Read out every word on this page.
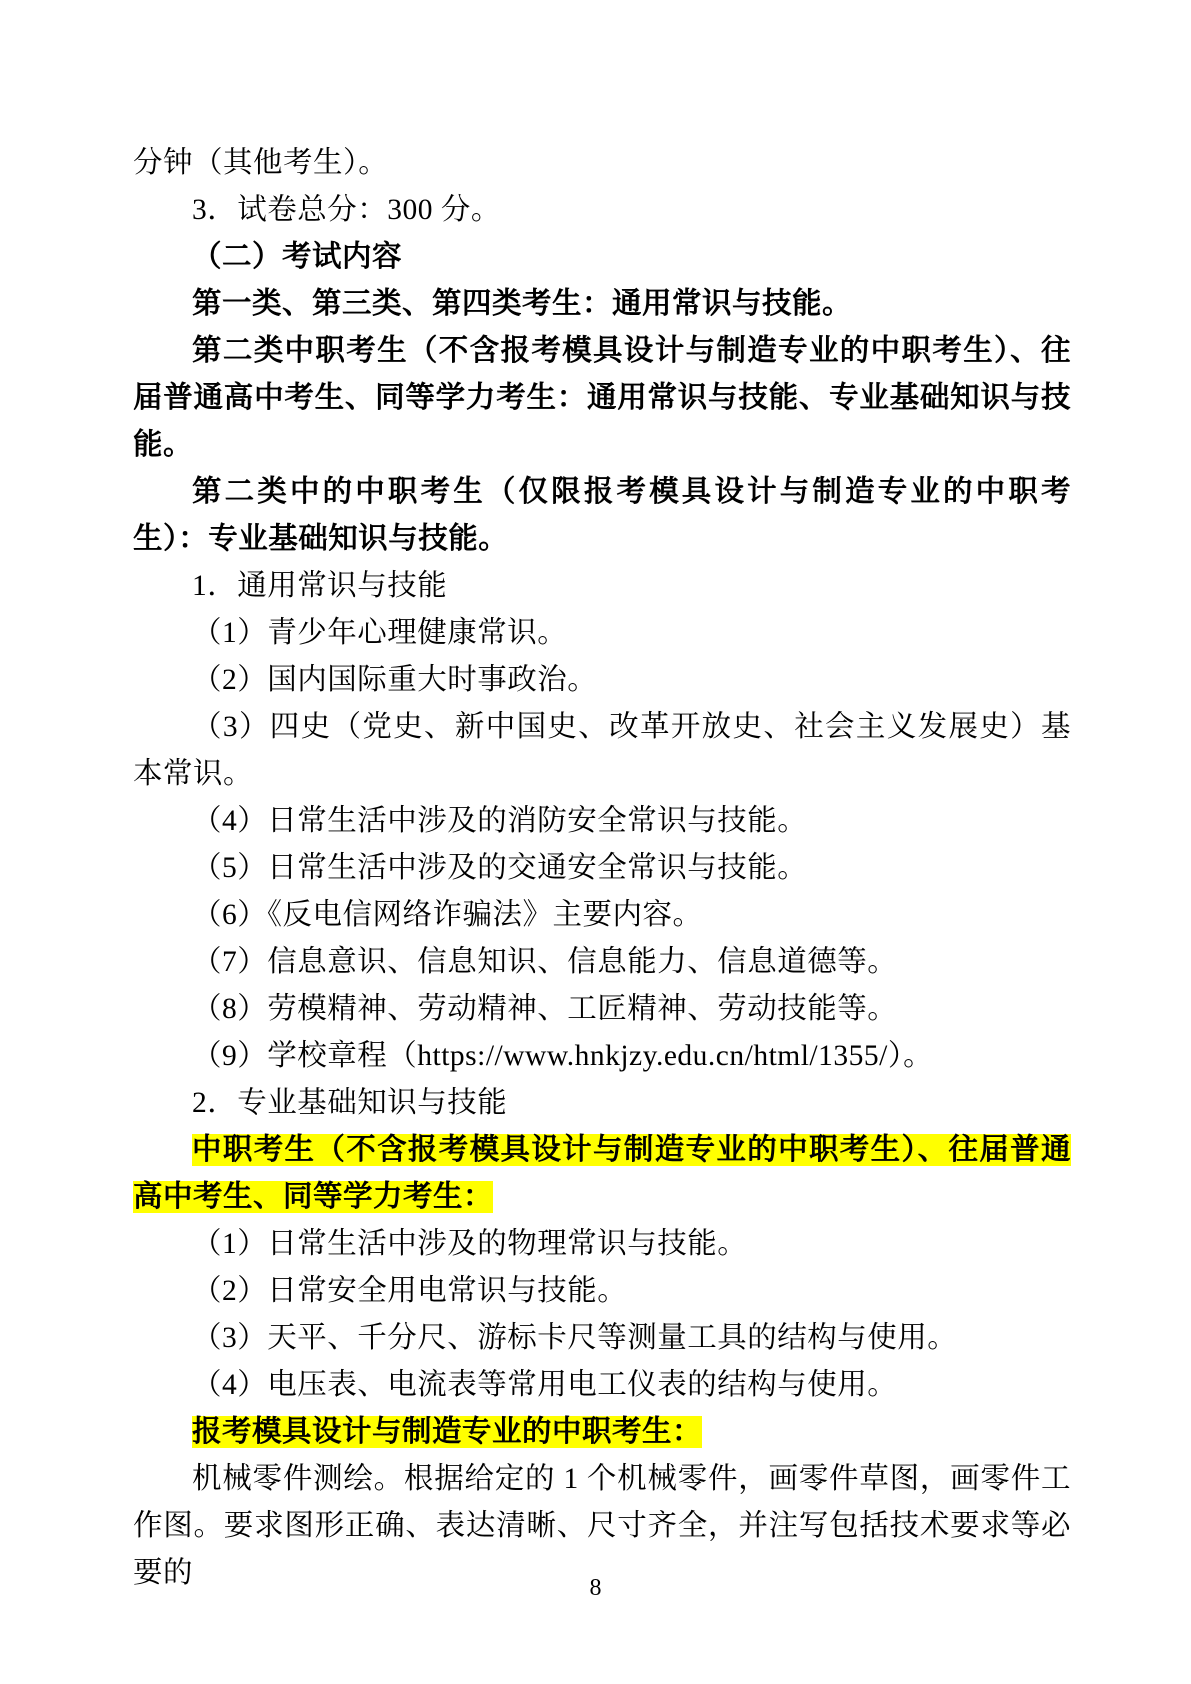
分钟（其他考生）。

3．试卷总分：300 分。

（二）考试内容

第一类、第三类、第四类考生：通用常识与技能。

第二类中职考生（不含报考模具设计与制造专业的中职考生）、往届普通高中考生、同等学力考生：通用常识与技能、专业基础知识与技能。

第二类中的中职考生（仅限报考模具设计与制造专业的中职考生）：专业基础知识与技能。

1．通用常识与技能

（1）青少年心理健康常识。

（2）国内国际重大时事政治。

（3）四史（党史、新中国史、改革开放史、社会主义发展史）基本常识。

（4）日常生活中涉及的消防安全常识与技能。

（5）日常生活中涉及的交通安全常识与技能。

（6）《反电信网络诈骗法》主要内容。

（7）信息意识、信息知识、信息能力、信息道德等。

（8）劳模精神、劳动精神、工匠精神、劳动技能等。

（9）学校章程（https://www.hnkjzy.edu.cn/html/1355/）。

2．专业基础知识与技能

中职考生（不含报考模具设计与制造专业的中职考生）、往届普通高中考生、同等学力考生：

（1）日常生活中涉及的物理常识与技能。

（2）日常安全用电常识与技能。

（3）天平、千分尺、游标卡尺等测量工具的结构与使用。

（4）电压表、电流表等常用电工仪表的结构与使用。

报考模具设计与制造专业的中职考生：

机械零件测绘。根据给定的 1 个机械零件，画零件草图，画零件工作图。要求图形正确、表达清晰、尺寸齐全，并注写包括技术要求等必要的	8
